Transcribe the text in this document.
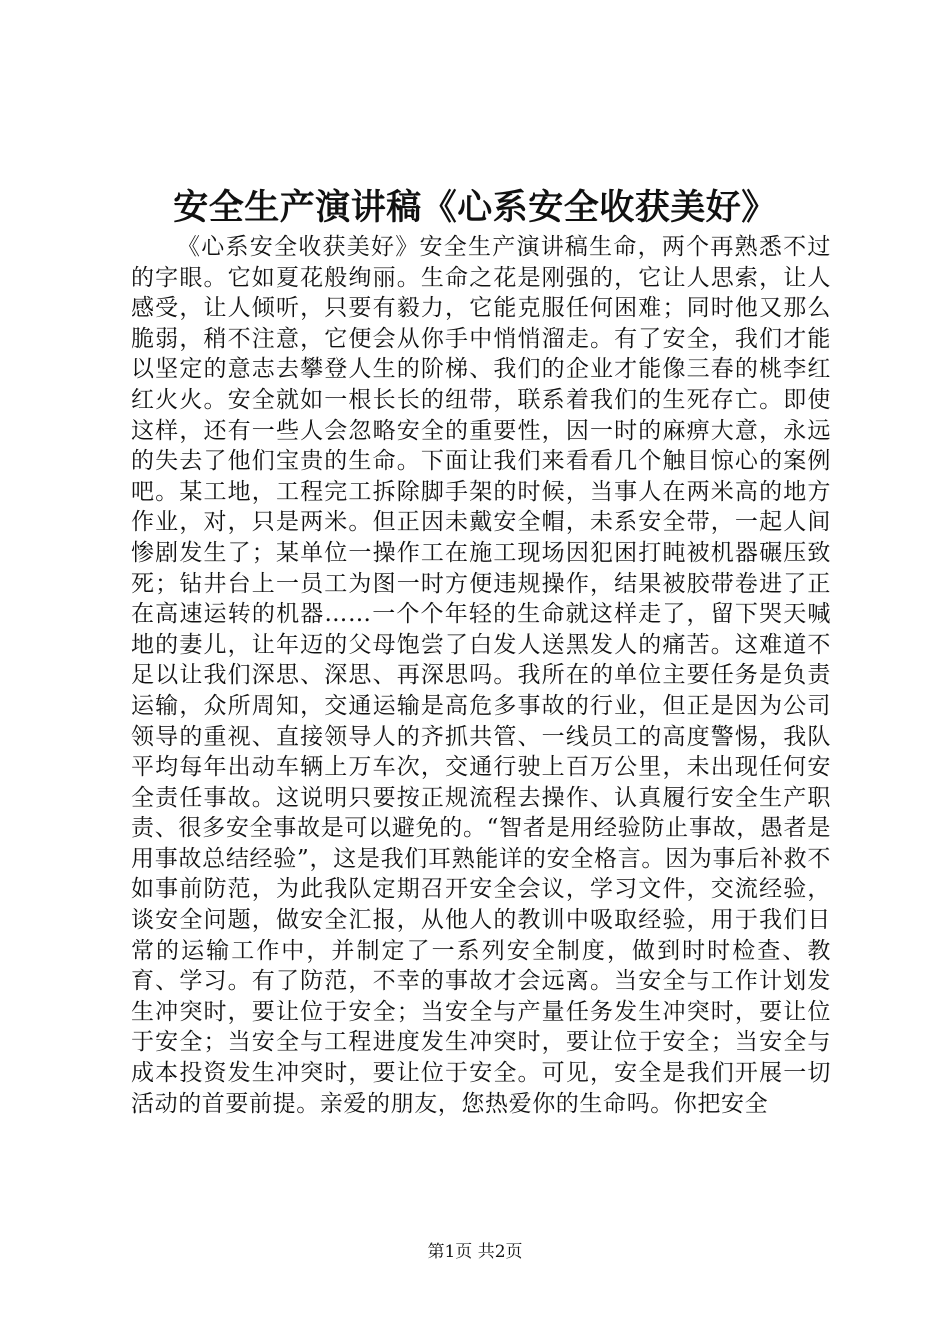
安全生产演讲稿《心系安全收获美好》

《心系安全收获美好》安全生产演讲稿生命，两个再熟悉不过的字眼。它如夏花般绚丽。生命之花是刚强的，它让人思索，让人感受，让人倾听，只要有毅力，它能克服任何困难；同时他又那么脆弱，稍不注意，它便会从你手中悄悄溜走。有了安全，我们才能以坚定的意志去攀登人生的阶梯、我们的企业才能像三春的桃李红红火火。安全就如一根长长的纽带，联系着我们的生死存亡。即使这样，还有一些人会忽略安全的重要性，因一时的麻痹大意，永远的失去了他们宝贵的生命。下面让我们来看看几个触目惊心的案例吧。某工地，工程完工拆除脚手架的时候，当事人在两米高的地方作业，对，只是两米。但正因未戴安全帽，未系安全带，一起人间惨剧发生了；某单位一操作工在施工现场因犯困打盹被机器碾压致死；钻井台上一员工为图一时方便违规操作，结果被胶带卷进了正在高速运转的机器……一个个年轻的生命就这样走了，留下哭天喊地的妻儿，让年迈的父母饱尝了白发人送黑发人的痛苦。这难道不足以让我们深思、深思、再深思吗。我所在的单位主要任务是负责运输，众所周知，交通运输是高危多事故的行业，但正是因为公司领导的重视、直接领导人的齐抓共管、一线员工的高度警惕，我队平均每年出动车辆上万车次，交通行驶上百万公里，未出现任何安全责任事故。这说明只要按正规流程去操作、认真履行安全生产职责、很多安全事故是可以避免的。“智者是用经验防止事故，愚者是用事故总结经验”，这是我们耳熟能详的安全格言。因为事后补救不如事前防范，为此我队定期召开安全会议，学习文件，交流经验，谈安全问题，做安全汇报，从他人的教训中吸取经验，用于我们日常的运输工作中，并制定了一系列安全制度，做到时时检查、教育、学习。有了防范，不幸的事故才会远离。当安全与工作计划发生冲突时，要让位于安全；当安全与产量任务发生冲突时，要让位于安全；当安全与工程进度发生冲突时，要让位于安全；当安全与成本投资发生冲突时，要让位于安全。可见，安全是我们开展一切活动的首要前提。亲爱的朋友，您热爱你的生命吗。你把安全

第1页 共2页
